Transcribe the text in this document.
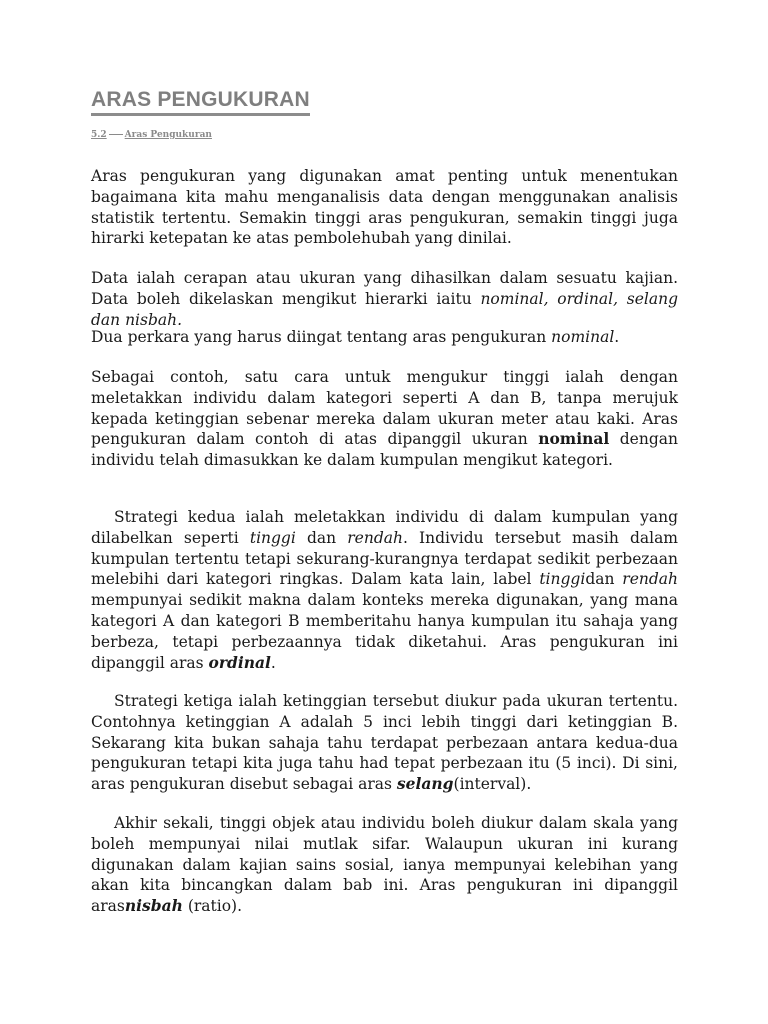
ARAS PENGUKURAN
5.2 Aras Pengukuran

Aras pengukuran yang digunakan amat penting untuk menentukan bagaimana kita mahu menganalisis data dengan menggunakan analisis statistik tertentu. Semakin tinggi aras pengukuran, semakin tinggi juga hirarki ketepatan ke atas pembolehubah yang dinilai.

Data ialah cerapan atau ukuran yang dihasilkan dalam sesuatu kajian. Data boleh dikelaskan mengikut hierarki iaitu nominal, ordinal, selang dan nisbah.

Dua perkara yang harus diingat tentang aras pengukuran nominal.

Sebagai contoh, satu cara untuk mengukur tinggi ialah dengan meletakkan individu dalam kategori seperti A dan B, tanpa merujuk kepada ketinggian sebenar mereka dalam ukuran meter atau kaki. Aras pengukuran dalam contoh di atas dipanggil ukuran nominal dengan individu telah dimasukkan ke dalam kumpulan mengikut kategori.

Strategi kedua ialah meletakkan individu di dalam kumpulan yang dilabelkan seperti tinggi dan rendah. Individu tersebut masih dalam kumpulan tertentu tetapi sekurang-kurangnya terdapat sedikit perbezaan melebihi dari kategori ringkas. Dalam kata lain, label tinggidan rendah mempunyai sedikit makna dalam konteks mereka digunakan, yang mana kategori A dan kategori B memberitahu hanya kumpulan itu sahaja yang berbeza, tetapi perbezaannya tidak diketahui. Aras pengukuran ini dipanggil aras ordinal.

Strategi ketiga ialah ketinggian tersebut diukur pada ukuran tertentu. Contohnya ketinggian A adalah 5 inci lebih tinggi dari ketinggian B. Sekarang kita bukan sahaja tahu terdapat perbezaan antara kedua-dua pengukuran tetapi kita juga tahu had tepat perbezaan itu (5 inci). Di sini, aras pengukuran disebut sebagai aras selang(interval).

Akhir sekali, tinggi objek atau individu boleh diukur dalam skala yang boleh mempunyai nilai mutlak sifar. Walaupun ukuran ini kurang digunakan dalam kajian sains sosial, ianya mempunyai kelebihan yang akan kita bincangkan dalam bab ini. Aras pengukuran ini dipanggil arasnisbah (ratio).
